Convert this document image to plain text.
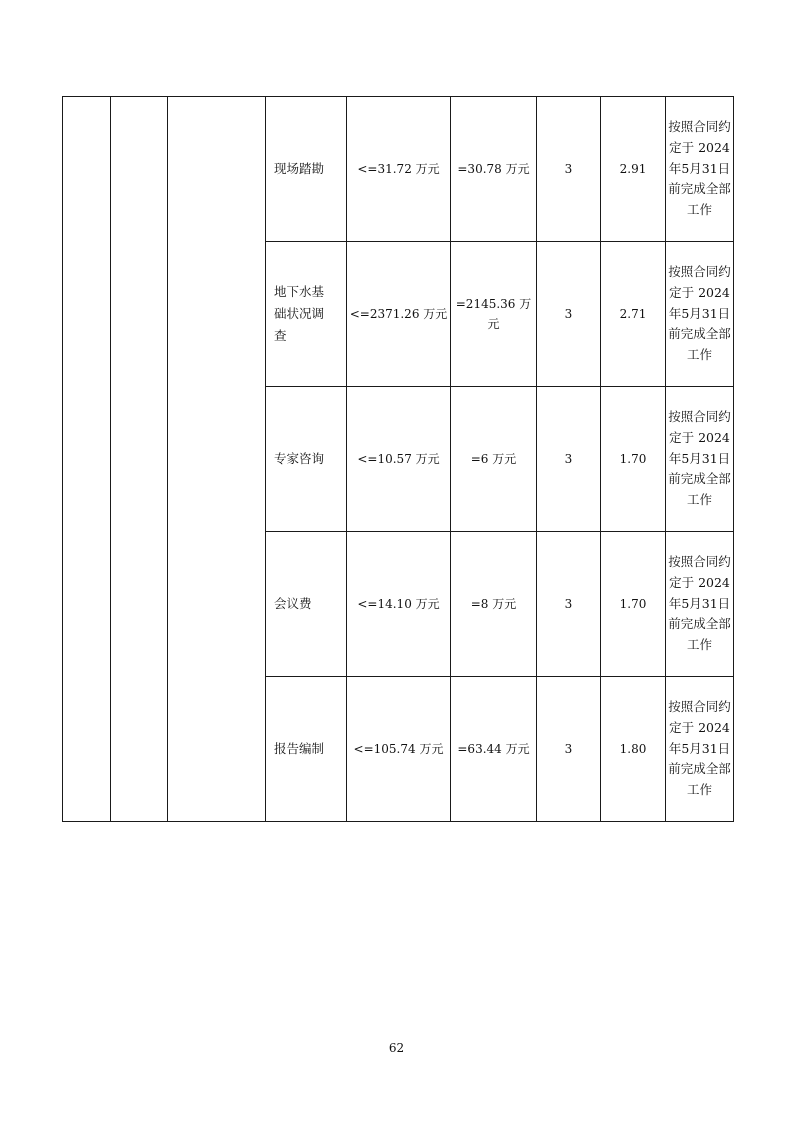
			现场踏勘	<=31.72 万元	=30.78 万元	3	2.91	按照合同约定于 2024 年5月31日前完成全部工作
			地下水基础状况调查	<=2371.26 万元	=2145.36 万元	3	2.71	按照合同约定于 2024 年5月31日前完成全部工作
			专家咨询	<=10.57 万元	=6 万元	3	1.70	按照合同约定于 2024 年5月31日前完成全部工作
			会议费	<=14.10 万元	=8 万元	3	1.70	按照合同约定于 2024 年5月31日前完成全部工作
			报告编制	<=105.74 万元	=63.44 万元	3	1.80	按照合同约定于 2024 年5月31日前完成全部工作
62
